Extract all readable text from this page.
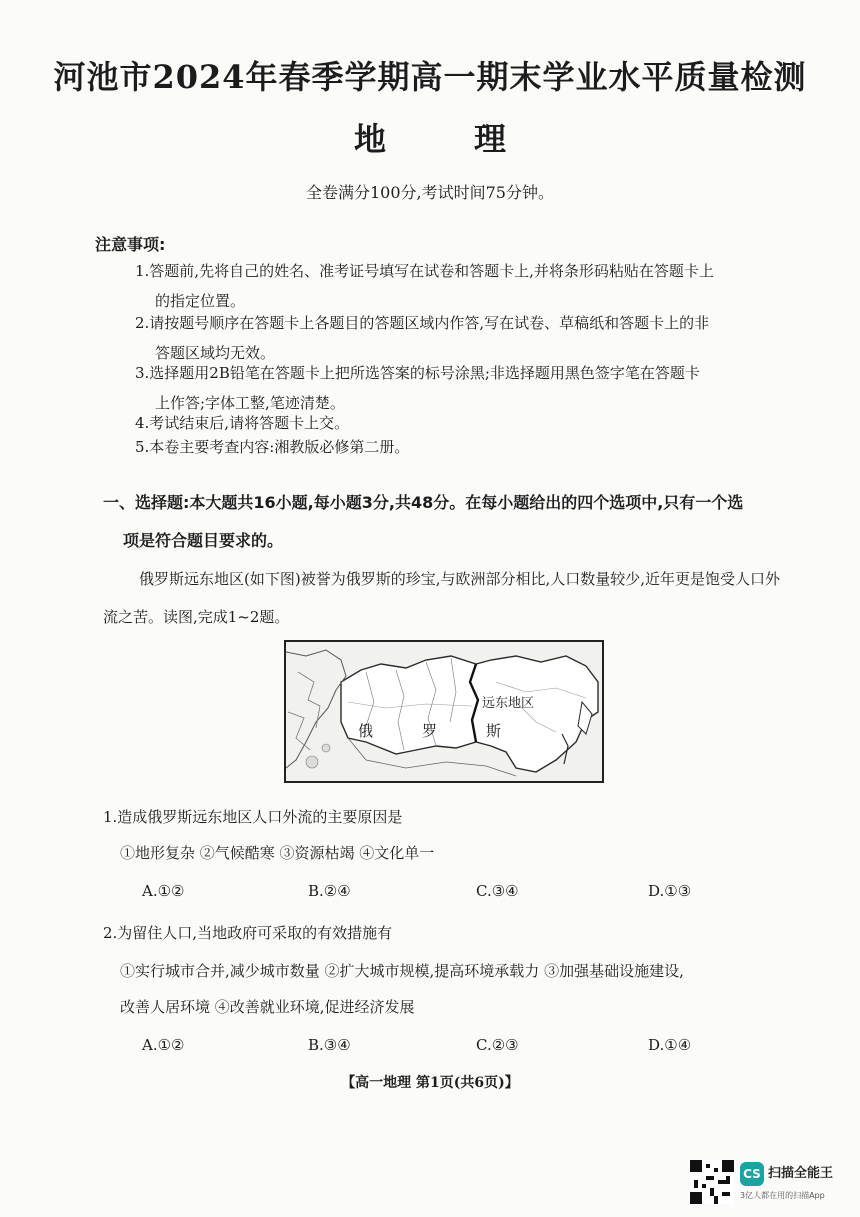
河池市2024年春季学期高一期末学业水平质量检测
地理
全卷满分100分,考试时间75分钟。
注意事项:
1.答题前,先将自己的姓名、准考证号填写在试卷和答题卡上,并将条形码粘贴在答题卡上
的指定位置。
2.请按题号顺序在答题卡上各题目的答题区域内作答,写在试卷、草稿纸和答题卡上的非
答题区域均无效。
3.选择题用2B铅笔在答题卡上把所选答案的标号涂黑;非选择题用黑色签字笔在答题卡
上作答;字体工整,笔迹清楚。
4.考试结束后,请将答题卡上交。
5.本卷主要考查内容:湘教版必修第二册。
一、选择题:本大题共16小题,每小题3分,共48分。在每小题给出的四个选项中,只有一个选
项是符合题目要求的。
俄罗斯远东地区(如下图)被誉为俄罗斯的珍宝,与欧洲部分相比,人口数量较少,近年更是饱受人口外流之苦。读图,完成1~2题。
俄	罗	斯
远东地区
1.造成俄罗斯远东地区人口外流的主要原因是
①地形复杂 ②气候酷寒 ③资源枯竭 ④文化单一
A.①②	B.②④	C.③④	D.①③
2.为留住人口,当地政府可采取的有效措施有
①实行城市合并,减少城市数量 ②扩大城市规模,提高环境承载力 ③加强基础设施建设,
改善人居环境 ④改善就业环境,促进经济发展
A.①②	B.③④	C.②③	D.①④
【高一地理 第1页(共6页)】
CS 扫描全能王
3亿人都在用的扫描App
